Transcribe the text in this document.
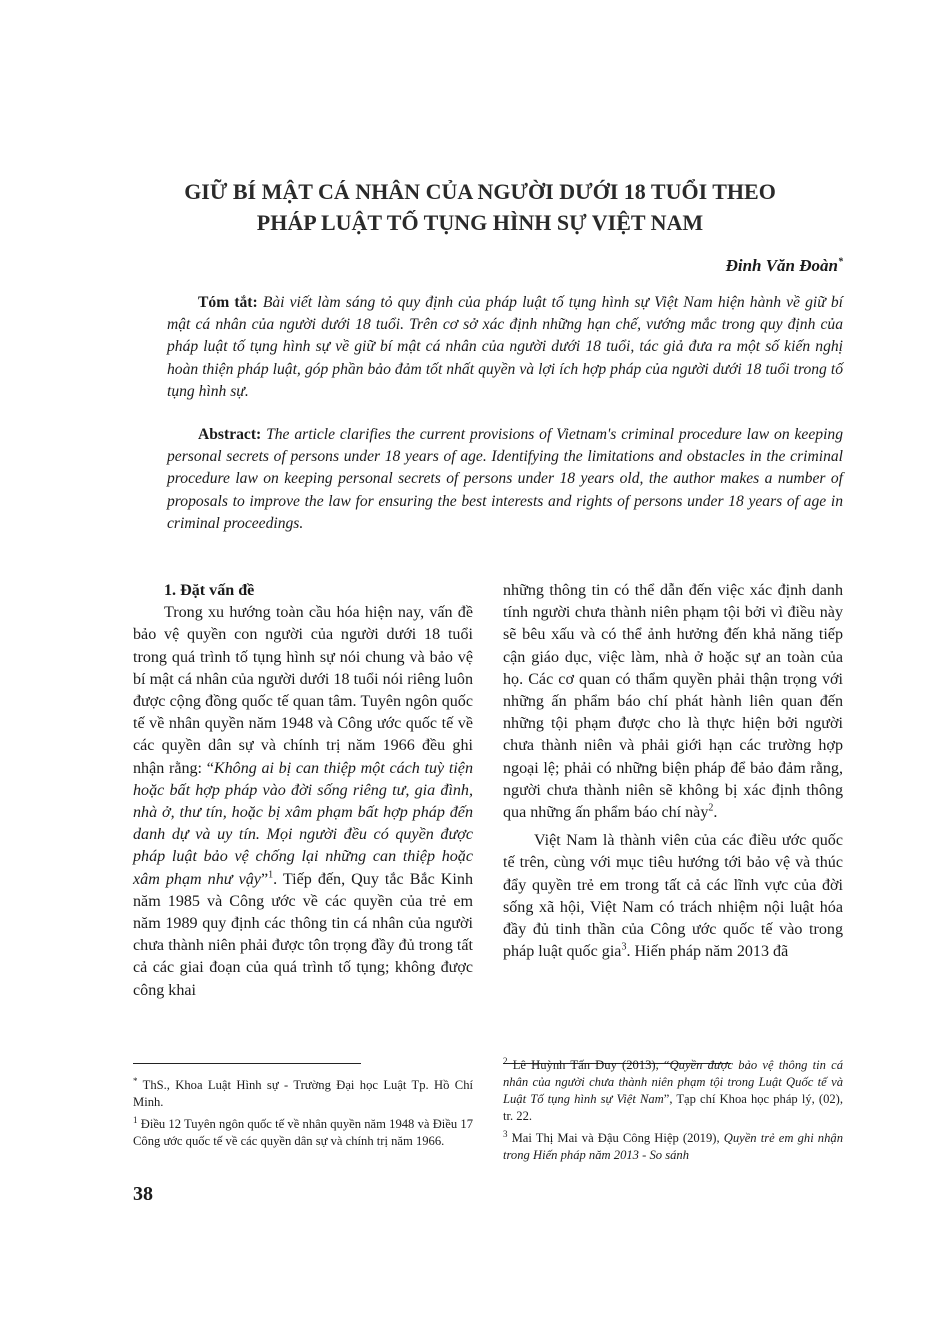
GIỮ BÍ MẬT CÁ NHÂN CỦA NGƯỜI DƯỚI 18 TUỔI THEO
PHÁP LUẬT TỐ TỤNG HÌNH SỰ VIỆT NAM
Đinh Văn Đoàn*

Tóm tắt: Bài viết làm sáng tỏ quy định của pháp luật tố tụng hình sự Việt Nam hiện hành về giữ bí mật cá nhân của người dưới 18 tuổi. Trên cơ sở xác định những hạn chế, vướng mắc trong quy định của pháp luật tố tụng hình sự về giữ bí mật cá nhân của người dưới 18 tuổi, tác giả đưa ra một số kiến nghị hoàn thiện pháp luật, góp phần bảo đảm tốt nhất quyền và lợi ích hợp pháp của người dưới 18 tuổi trong tố tụng hình sự.

Abstract: The article clarifies the current provisions of Vietnam's criminal procedure law on keeping personal secrets of persons under 18 years of age. Identifying the limitations and obstacles in the criminal procedure law on keeping personal secrets of persons under 18 years old, the author makes a number of proposals to improve the law for ensuring the best interests and rights of persons under 18 years of age in criminal proceedings.

1. Đặt vấn đề

Trong xu hướng toàn cầu hóa hiện nay, vấn đề bảo vệ quyền con người của người dưới 18 tuổi trong quá trình tố tụng hình sự nói chung và bảo vệ bí mật cá nhân của người dưới 18 tuổi nói riêng luôn được cộng đồng quốc tế quan tâm. Tuyên ngôn quốc tế về nhân quyền năm 1948 và Công ước quốc tế về các quyền dân sự và chính trị năm 1966 đều ghi nhận rằng: “Không ai bị can thiệp một cách tuỳ tiện hoặc bất hợp pháp vào đời sống riêng tư, gia đình, nhà ở, thư tín, hoặc bị xâm phạm bất hợp pháp đến danh dự và uy tín. Mọi người đều có quyền được pháp luật bảo vệ chống lại những can thiệp hoặc xâm phạm như vậy”$^1$. Tiếp đến, Quy tắc Bắc Kinh năm 1985 và Công ước về các quyền của trẻ em năm 1989 quy định các thông tin cá nhân của người chưa thành niên phải được tôn trọng đầy đủ trong tất cả các giai đoạn của quá trình tố tụng; không được công khai

những thông tin có thể dẫn đến việc xác định danh tính người chưa thành niên phạm tội bởi vì điều này sẽ bêu xấu và có thể ảnh hưởng đến khả năng tiếp cận giáo dục, việc làm, nhà ở hoặc sự an toàn của họ. Các cơ quan có thẩm quyền phải thận trọng với những ấn phẩm báo chí phát hành liên quan đến những tội phạm được cho là thực hiện bởi người chưa thành niên và phải giới hạn các trường hợp ngoại lệ; phải có những biện pháp để bảo đảm rằng, người chưa thành niên sẽ không bị xác định thông qua những ấn phẩm báo chí này$^2$.

Việt Nam là thành viên của các điều ước quốc tế trên, cùng với mục tiêu hướng tới bảo vệ và thúc đẩy quyền trẻ em trong tất cả các lĩnh vực của đời sống xã hội, Việt Nam có trách nhiệm nội luật hóa đầy đủ tinh thần của Công ước quốc tế vào trong pháp luật quốc gia$^3$. Hiến pháp năm 2013 đã

* ThS., Khoa Luật Hình sự - Trường Đại học Luật Tp. Hồ Chí Minh.

$^1$ Điều 12 Tuyên ngôn quốc tế về nhân quyền năm 1948 và Điều 17 Công ước quốc tế về các quyền dân sự và chính trị năm 1966.

$^2$ Lê Huỳnh Tấn Duy (2013), “Quyền được bảo vệ thông tin cá nhân của người chưa thành niên phạm tội trong Luật Quốc tế và Luật Tố tụng hình sự Việt Nam”, Tạp chí Khoa học pháp lý, (02), tr. 22.

$^3$ Mai Thị Mai và Đậu Công Hiệp (2019), Quyền trẻ em ghi nhận trong Hiến pháp năm 2013 - So sánh

38
